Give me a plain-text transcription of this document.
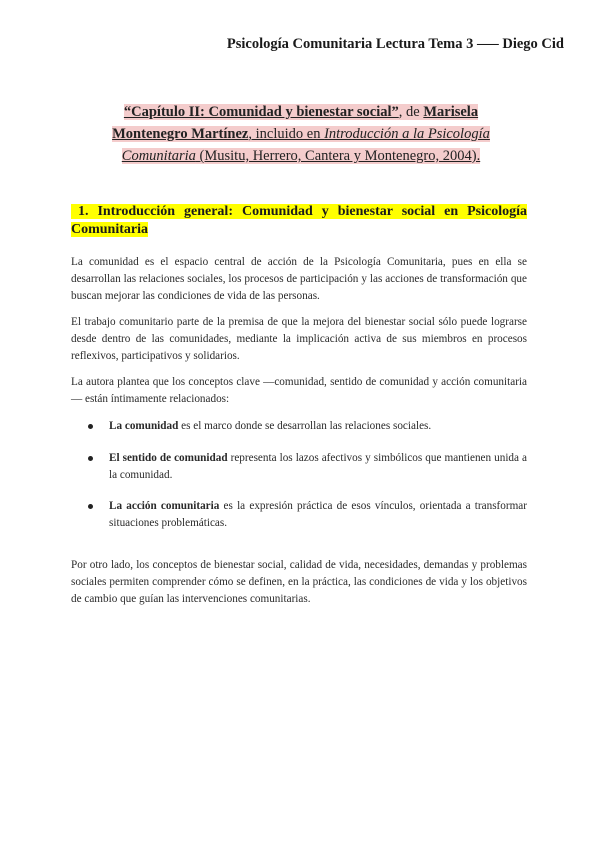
Psicología Comunitaria Lectura Tema 3 —– Diego Cid
“Capítulo II: Comunidad y bienestar social”, de Marisela Montenegro Martínez, incluido en Introducción a la Psicología Comunitaria (Musitu, Herrero, Cantera y Montenegro, 2004).
1. Introducción general: Comunidad y bienestar social en Psicología Comunitaria

La comunidad es el espacio central de acción de la Psicología Comunitaria, pues en ella se desarrollan las relaciones sociales, los procesos de participación y las acciones de transformación que buscan mejorar las condiciones de vida de las personas.

El trabajo comunitario parte de la premisa de que la mejora del bienestar social sólo puede lograrse desde dentro de las comunidades, mediante la implicación activa de sus miembros en procesos reflexivos, participativos y solidarios.

La autora plantea que los conceptos clave —comunidad, sentido de comunidad y acción comunitaria— están íntimamente relacionados:

La comunidad es el marco donde se desarrollan las relaciones sociales.
El sentido de comunidad representa los lazos afectivos y simbólicos que mantienen unida a la comunidad.
La acción comunitaria es la expresión práctica de esos vínculos, orientada a transformar situaciones problemáticas.

Por otro lado, los conceptos de bienestar social, calidad de vida, necesidades, demandas y problemas sociales permiten comprender cómo se definen, en la práctica, las condiciones de vida y los objetivos de cambio que guían las intervenciones comunitarias.
